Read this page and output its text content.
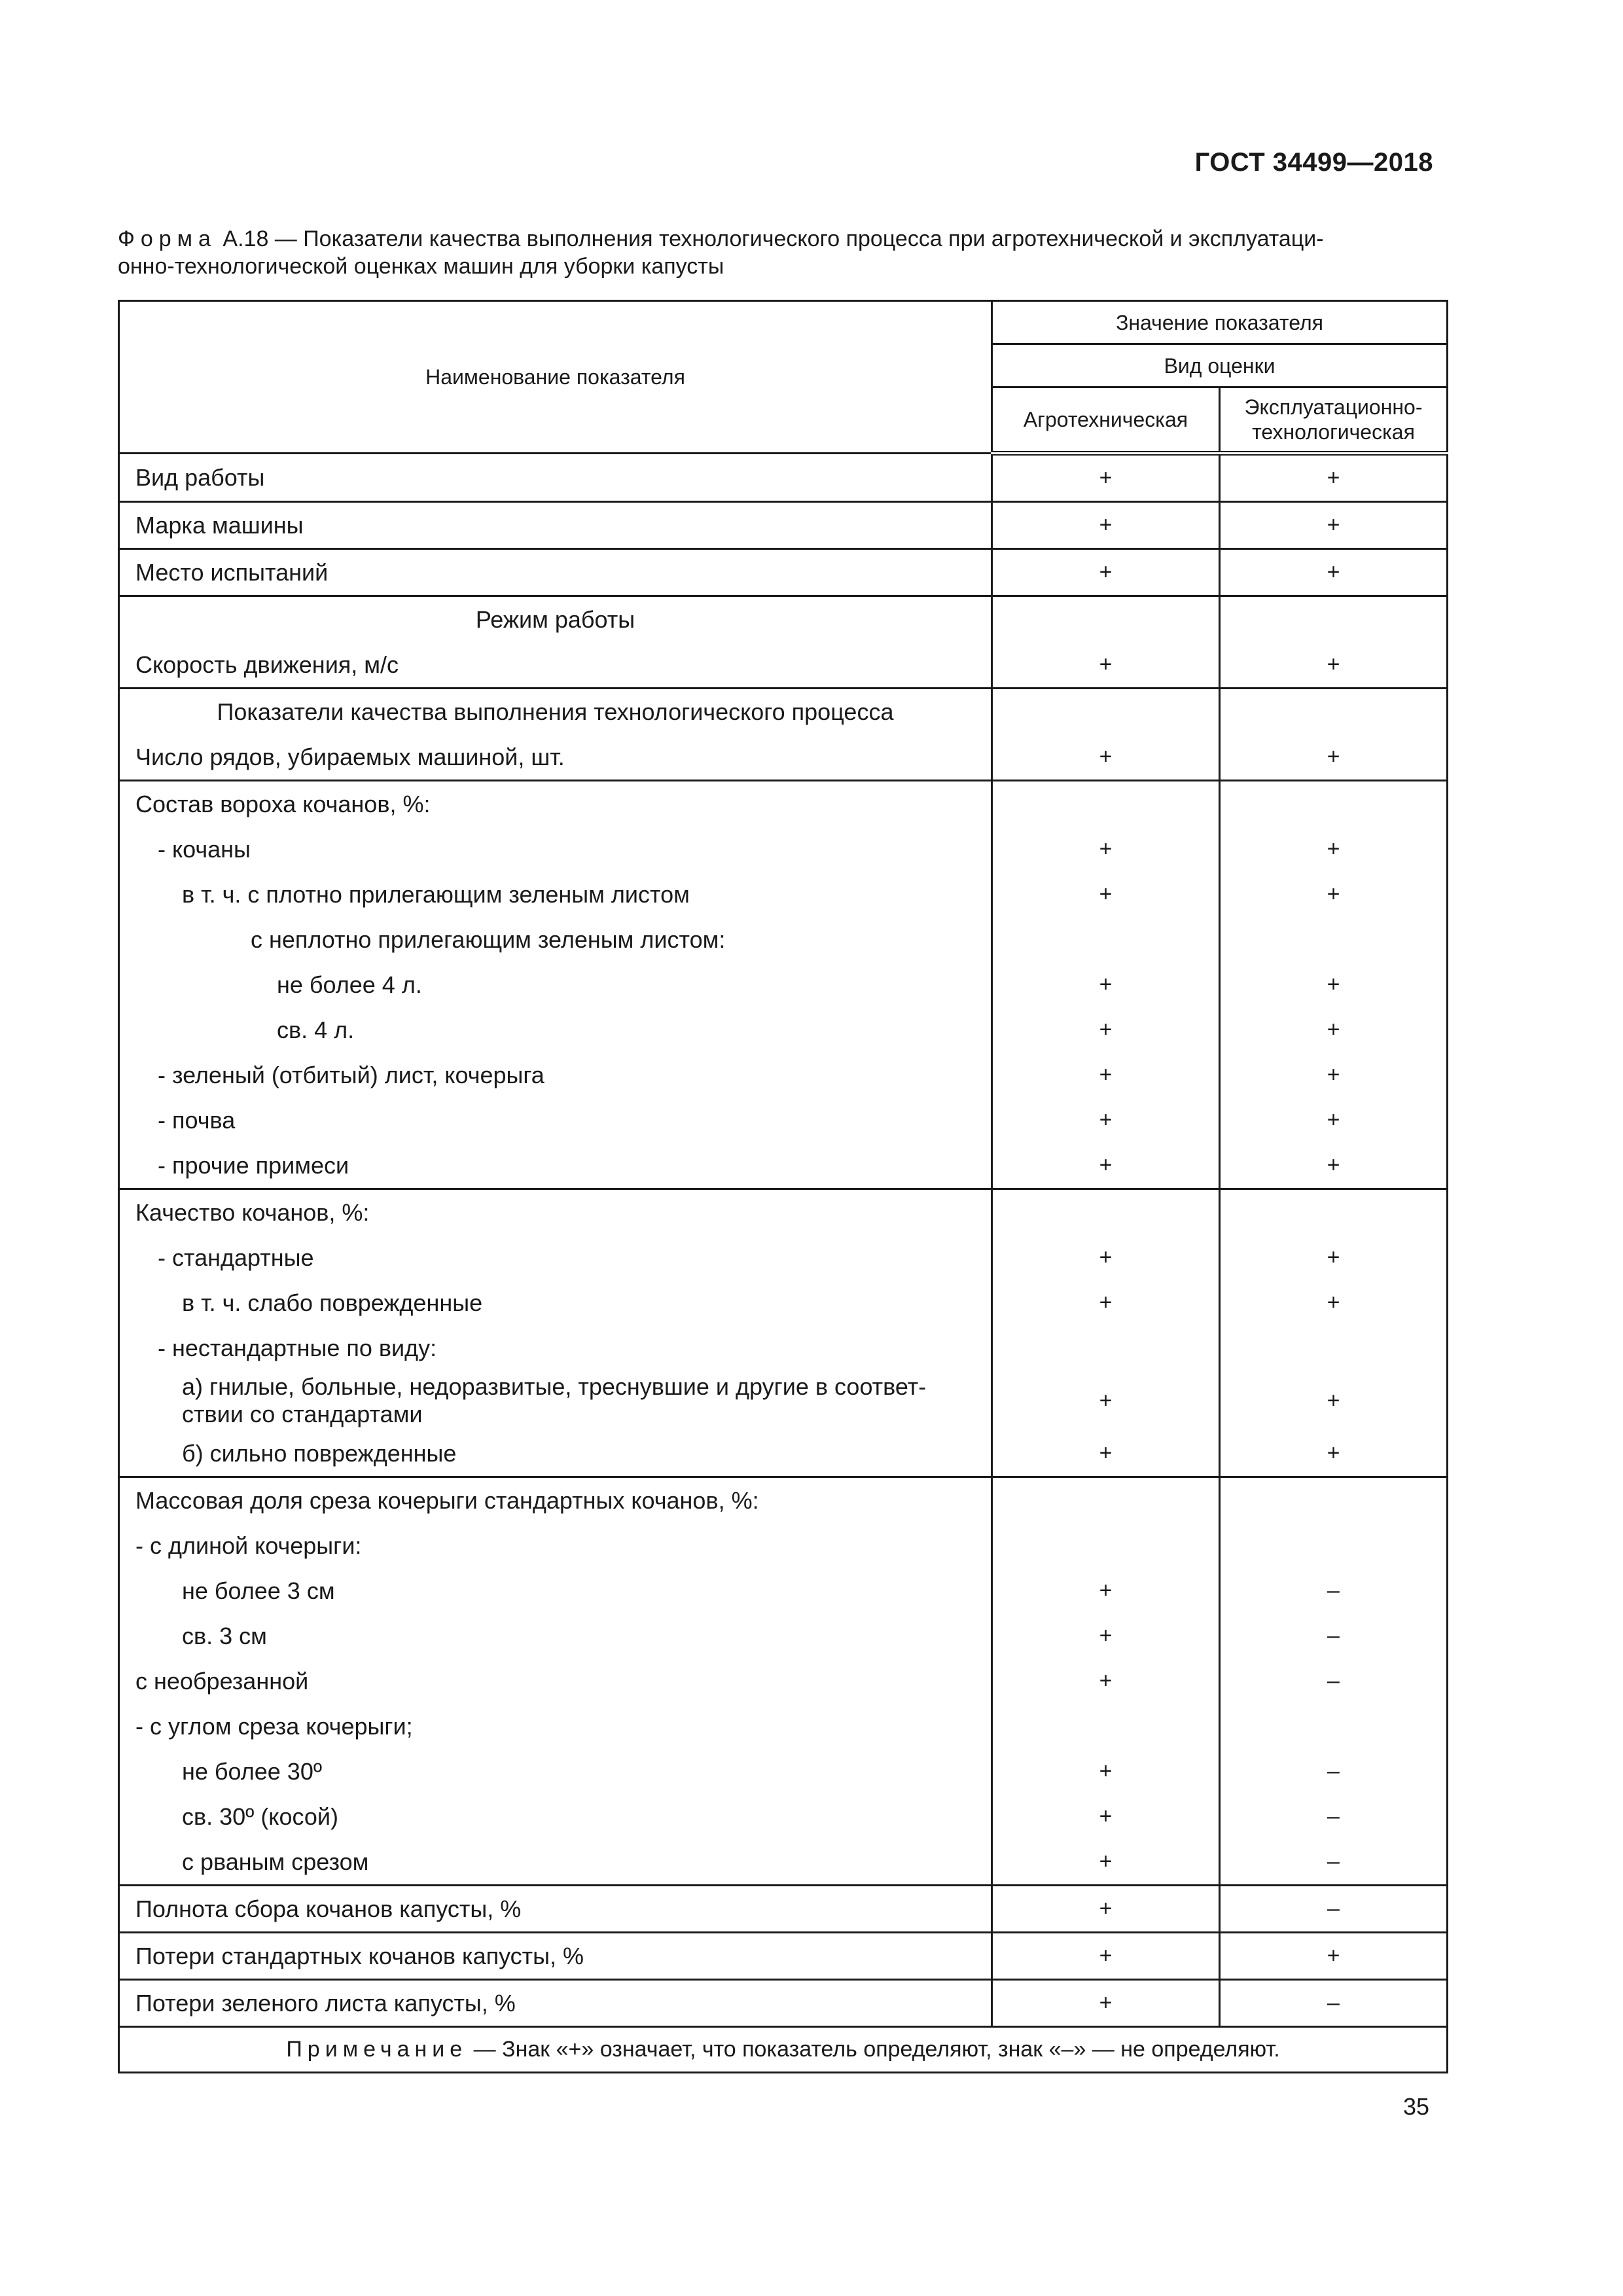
ГОСТ 34499—2018
Форма А.18 — Показатели качества выполнения технологического процесса при агротехнической и эксплуатаци-
онно-технологической оценках машин для уборки капусты
Наименование показателя	Значение показателя	
	Вид оценки	
	Агротехническая	Эксплуатационно-
технологическая
Вид работы	+	+
Марка машины	+	+
Место испытаний	+	+
Режим работы		
Скорость движения, м/с	+	+
Показатели качества выполнения технологического процесса		
Число рядов, убираемых машиной, шт.	+	+
Состав вороха кочанов, %:		
- кочаны	+	+
в т. ч. с плотно прилегающим зеленым листом	+	+
с неплотно прилегающим зеленым листом:		
не более 4 л.	+	+
св. 4 л.	+	+
- зеленый (отбитый) лист, кочерыга	+	+
- почва	+	+
- прочие примеси	+	+
Качество кочанов, %:		
- стандартные	+	+
в т. ч. слабо поврежденные	+	+
- нестандартные по виду:		
а) гнилые, больные, недоразвитые, треснувшие и другие в соответ-
ствии со стандартами	+	+
б) сильно поврежденные	+	+
Массовая доля среза кочерыги стандартных кочанов, %:		
- с длиной кочерыги:		
не более 3 см	+	–
св. 3 см	+	–
с необрезанной	+	–
- с углом среза кочерыги;		
не более 30º	+	–
св. 30º (косой)	+	–
с рваным срезом	+	–
Полнота сбора кочанов капусты, %	+	–
Потери стандартных кочанов капусты, %	+	+
Потери зеленого листа капусты, %	+	–
Примечание — Знак «+» означает, что показатель определяют, знак «–» — не определяют.		
35
